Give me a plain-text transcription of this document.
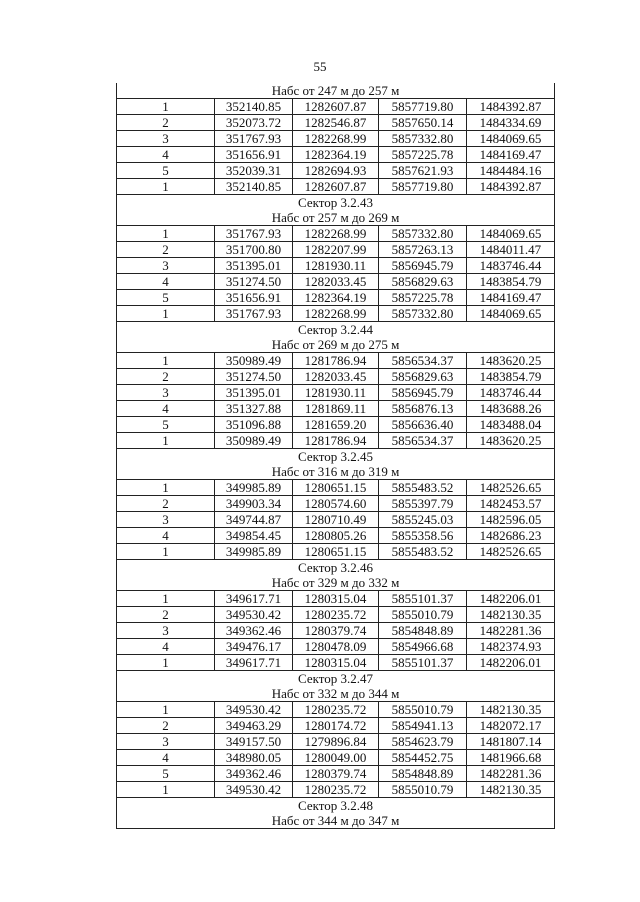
55
Набс от 247 м до 257 м				
1	352140.85	1282607.87	5857719.80	1484392.87
2	352073.72	1282546.87	5857650.14	1484334.69
3	351767.93	1282268.99	5857332.80	1484069.65
4	351656.91	1282364.19	5857225.78	1484169.47
5	352039.31	1282694.93	5857621.93	1484484.16
1	352140.85	1282607.87	5857719.80	1484392.87
Сектор 3.2.43				
Набс от 257 м до 269 м				
1	351767.93	1282268.99	5857332.80	1484069.65
2	351700.80	1282207.99	5857263.13	1484011.47
3	351395.01	1281930.11	5856945.79	1483746.44
4	351274.50	1282033.45	5856829.63	1483854.79
5	351656.91	1282364.19	5857225.78	1484169.47
1	351767.93	1282268.99	5857332.80	1484069.65
Сектор 3.2.44				
Набс от 269 м до 275 м				
1	350989.49	1281786.94	5856534.37	1483620.25
2	351274.50	1282033.45	5856829.63	1483854.79
3	351395.01	1281930.11	5856945.79	1483746.44
4	351327.88	1281869.11	5856876.13	1483688.26
5	351096.88	1281659.20	5856636.40	1483488.04
1	350989.49	1281786.94	5856534.37	1483620.25
Сектор 3.2.45				
Набс от 316 м до 319 м				
1	349985.89	1280651.15	5855483.52	1482526.65
2	349903.34	1280574.60	5855397.79	1482453.57
3	349744.87	1280710.49	5855245.03	1482596.05
4	349854.45	1280805.26	5855358.56	1482686.23
1	349985.89	1280651.15	5855483.52	1482526.65
Сектор 3.2.46				
Набс от 329 м до 332 м				
1	349617.71	1280315.04	5855101.37	1482206.01
2	349530.42	1280235.72	5855010.79	1482130.35
3	349362.46	1280379.74	5854848.89	1482281.36
4	349476.17	1280478.09	5854966.68	1482374.93
1	349617.71	1280315.04	5855101.37	1482206.01
Сектор 3.2.47				
Набс от 332 м до 344 м				
1	349530.42	1280235.72	5855010.79	1482130.35
2	349463.29	1280174.72	5854941.13	1482072.17
3	349157.50	1279896.84	5854623.79	1481807.14
4	348980.05	1280049.00	5854452.75	1481966.68
5	349362.46	1280379.74	5854848.89	1482281.36
1	349530.42	1280235.72	5855010.79	1482130.35
Сектор 3.2.48				
Набс от 344 м до 347 м				
